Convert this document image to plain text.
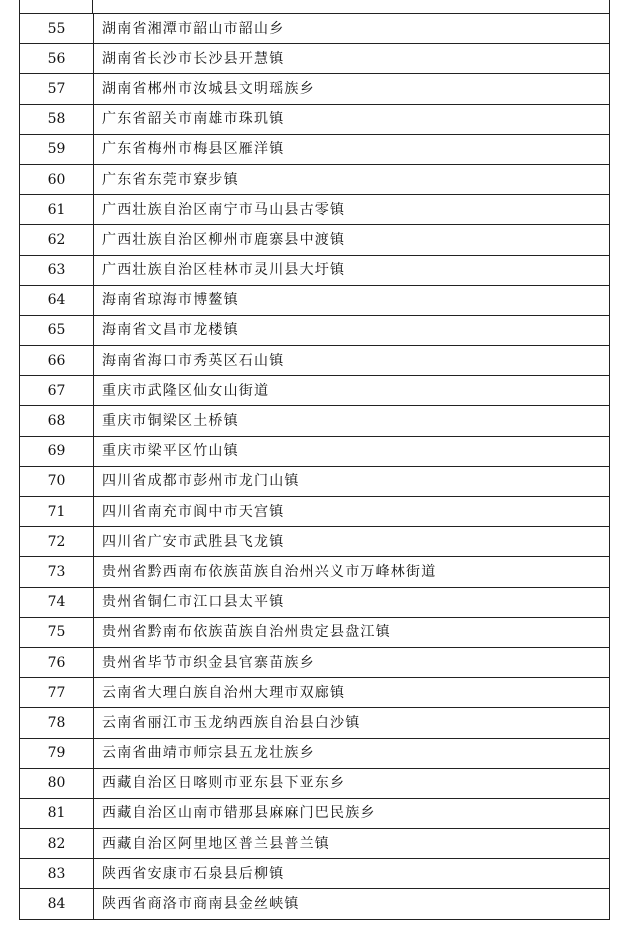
55	湖南省湘潭市韶山市韶山乡
56	湖南省长沙市长沙县开慧镇
57	湖南省郴州市汝城县文明瑶族乡
58	广东省韶关市南雄市珠玑镇
59	广东省梅州市梅县区雁洋镇
60	广东省东莞市寮步镇
61	广西壮族自治区南宁市马山县古零镇
62	广西壮族自治区柳州市鹿寨县中渡镇
63	广西壮族自治区桂林市灵川县大圩镇
64	海南省琼海市博鳌镇
65	海南省文昌市龙楼镇
66	海南省海口市秀英区石山镇
67	重庆市武隆区仙女山街道
68	重庆市铜梁区土桥镇
69	重庆市梁平区竹山镇
70	四川省成都市彭州市龙门山镇
71	四川省南充市阆中市天宫镇
72	四川省广安市武胜县飞龙镇
73	贵州省黔西南布依族苗族自治州兴义市万峰林街道
74	贵州省铜仁市江口县太平镇
75	贵州省黔南布依族苗族自治州贵定县盘江镇
76	贵州省毕节市织金县官寨苗族乡
77	云南省大理白族自治州大理市双廊镇
78	云南省丽江市玉龙纳西族自治县白沙镇
79	云南省曲靖市师宗县五龙壮族乡
80	西藏自治区日喀则市亚东县下亚东乡
81	西藏自治区山南市错那县麻麻门巴民族乡
82	西藏自治区阿里地区普兰县普兰镇
83	陕西省安康市石泉县后柳镇
84	陕西省商洛市商南县金丝峡镇
